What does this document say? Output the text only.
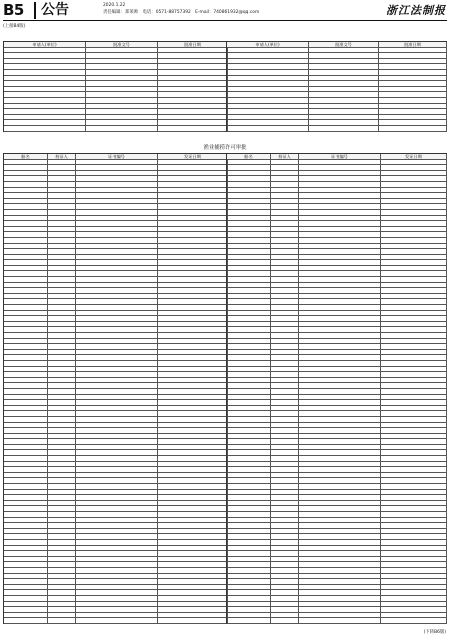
B5	公告	2020.1.22
责任编辑：郑莱帅　电话：0571-88757392　E-mail：740861932@qq.com	浙江法制报
(上接B4版)
申请人(单位)	批准文号	批准日期	申请人(单位)	批准文号	批准日期
渔业捕捞许可审批
船名	持证人	证书编号	发证日期	船名	持证人	证书编号	发证日期
(下转B6版)
